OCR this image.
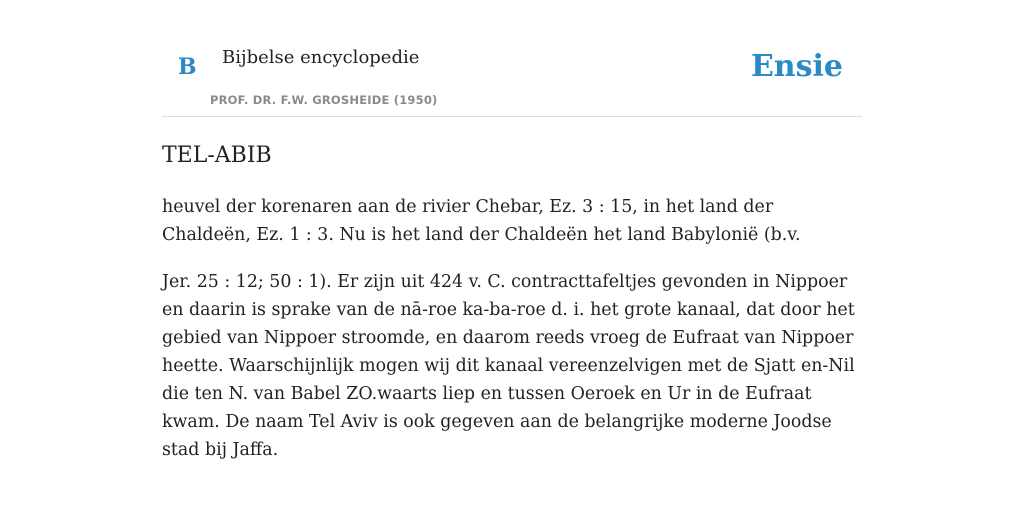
B Bijbelse encyclopedie
PROF. DR. F.W. GROSHEIDE (1950)
Ensie
TEL-ABIB

heuvel der korenaren aan de rivier Chebar, Ez. 3 : 15, in het land der Chaldeën, Ez. 1 : 3. Nu is het land der Chaldeën het land Babylonië (b.v.

Jer. 25 : 12; 50 : 1). Er zijn uit 424 v. C. contracttafeltjes gevonden in Nippoer en daarin is sprake van de nā-roe ka-ba-roe d. i. het grote kanaal, dat door het gebied van Nippoer stroomde, en daarom reeds vroeg de Eufraat van Nippoer heette. Waarschijnlijk mogen wij dit kanaal vereenzelvigen met de Sjatt en-Nil die ten N. van Babel ZO.waarts liep en tussen Oeroek en Ur in de Eufraat kwam. De naam Tel Aviv is ook gegeven aan de belangrijke moderne Joodse stad bij Jaffa.
